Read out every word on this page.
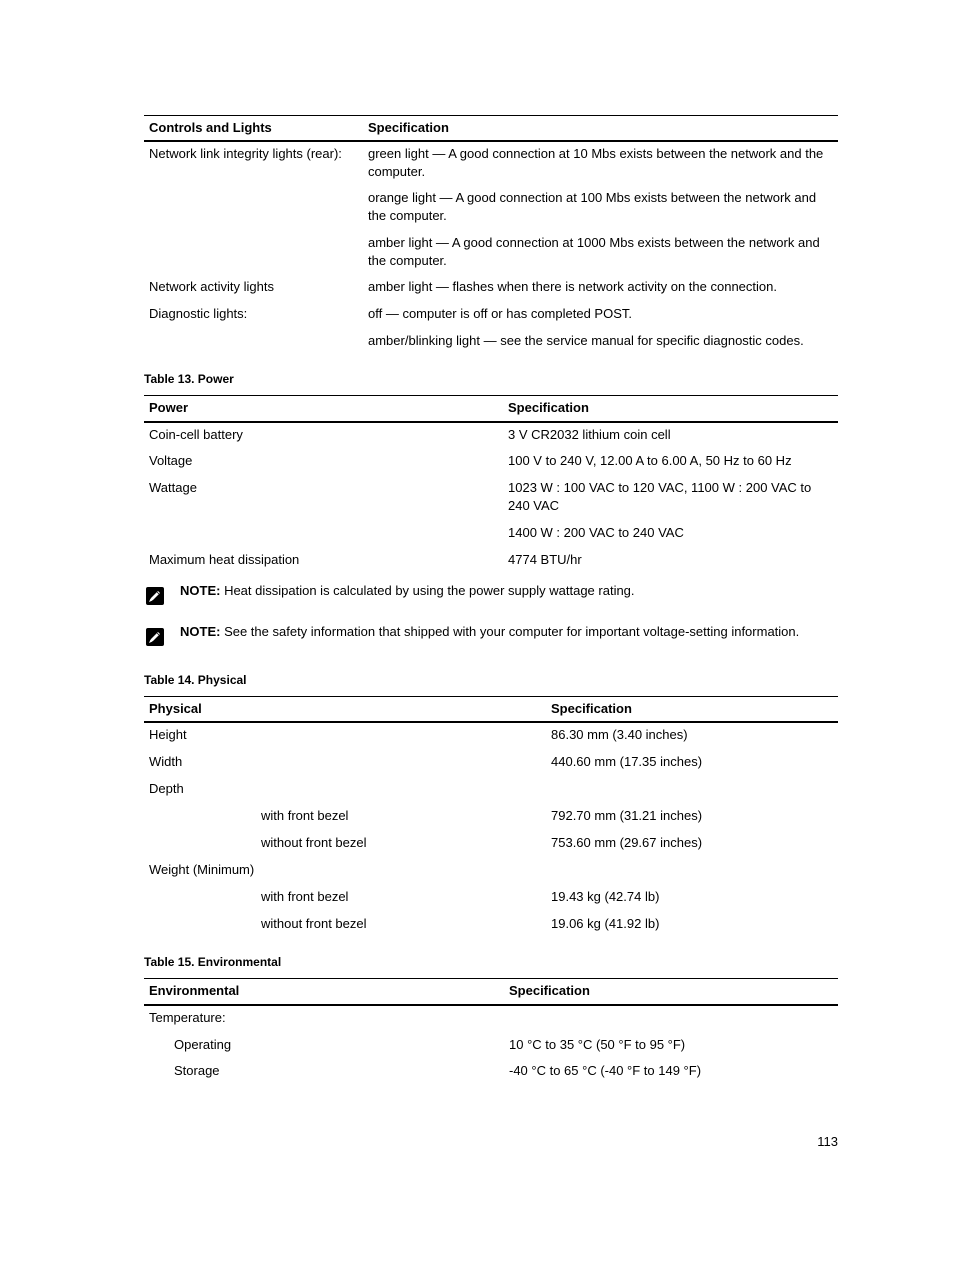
Controls and Lights	Specification
Network link integrity lights (rear): green light — A good connection at 10 Mbs exists between the network and the computer.
orange light — A good connection at 100 Mbs exists between the network and the computer.
amber light — A good connection at 1000 Mbs exists between the network and the computer.
Network activity lights	amber light — flashes when there is network activity on the connection.
Diagnostic lights:	off — computer is off or has completed POST.
amber/blinking light — see the service manual for specific diagnostic codes.
Table 13. Power
Power	Specification
Coin-cell battery	3 V CR2032 lithium coin cell
Voltage	100 V to 240 V, 12.00 A to 6.00 A, 50 Hz to 60 Hz
Wattage	1023 W : 100 VAC to 120 VAC, 1100 W : 200 VAC to 240 VAC
1400 W : 200 VAC to 240 VAC
Maximum heat dissipation	4774 BTU/hr
NOTE: Heat dissipation is calculated by using the power supply wattage rating.
NOTE: See the safety information that shipped with your computer for important voltage-setting information.
Table 14. Physical
Physical	Specification
Height	86.30 mm (3.40 inches)
Width	440.60 mm (17.35 inches)
Depth
with front bezel	792.70 mm (31.21 inches)
without front bezel	753.60 mm (29.67 inches)
Weight (Minimum)
with front bezel	19.43 kg (42.74 lb)
without front bezel	19.06 kg (41.92 lb)
Table 15. Environmental
Environmental	Specification
Temperature:
Operating	10 °C to 35 °C (50 °F to 95 °F)
Storage	-40 °C to 65 °C (-40 °F to 149 °F)
113
